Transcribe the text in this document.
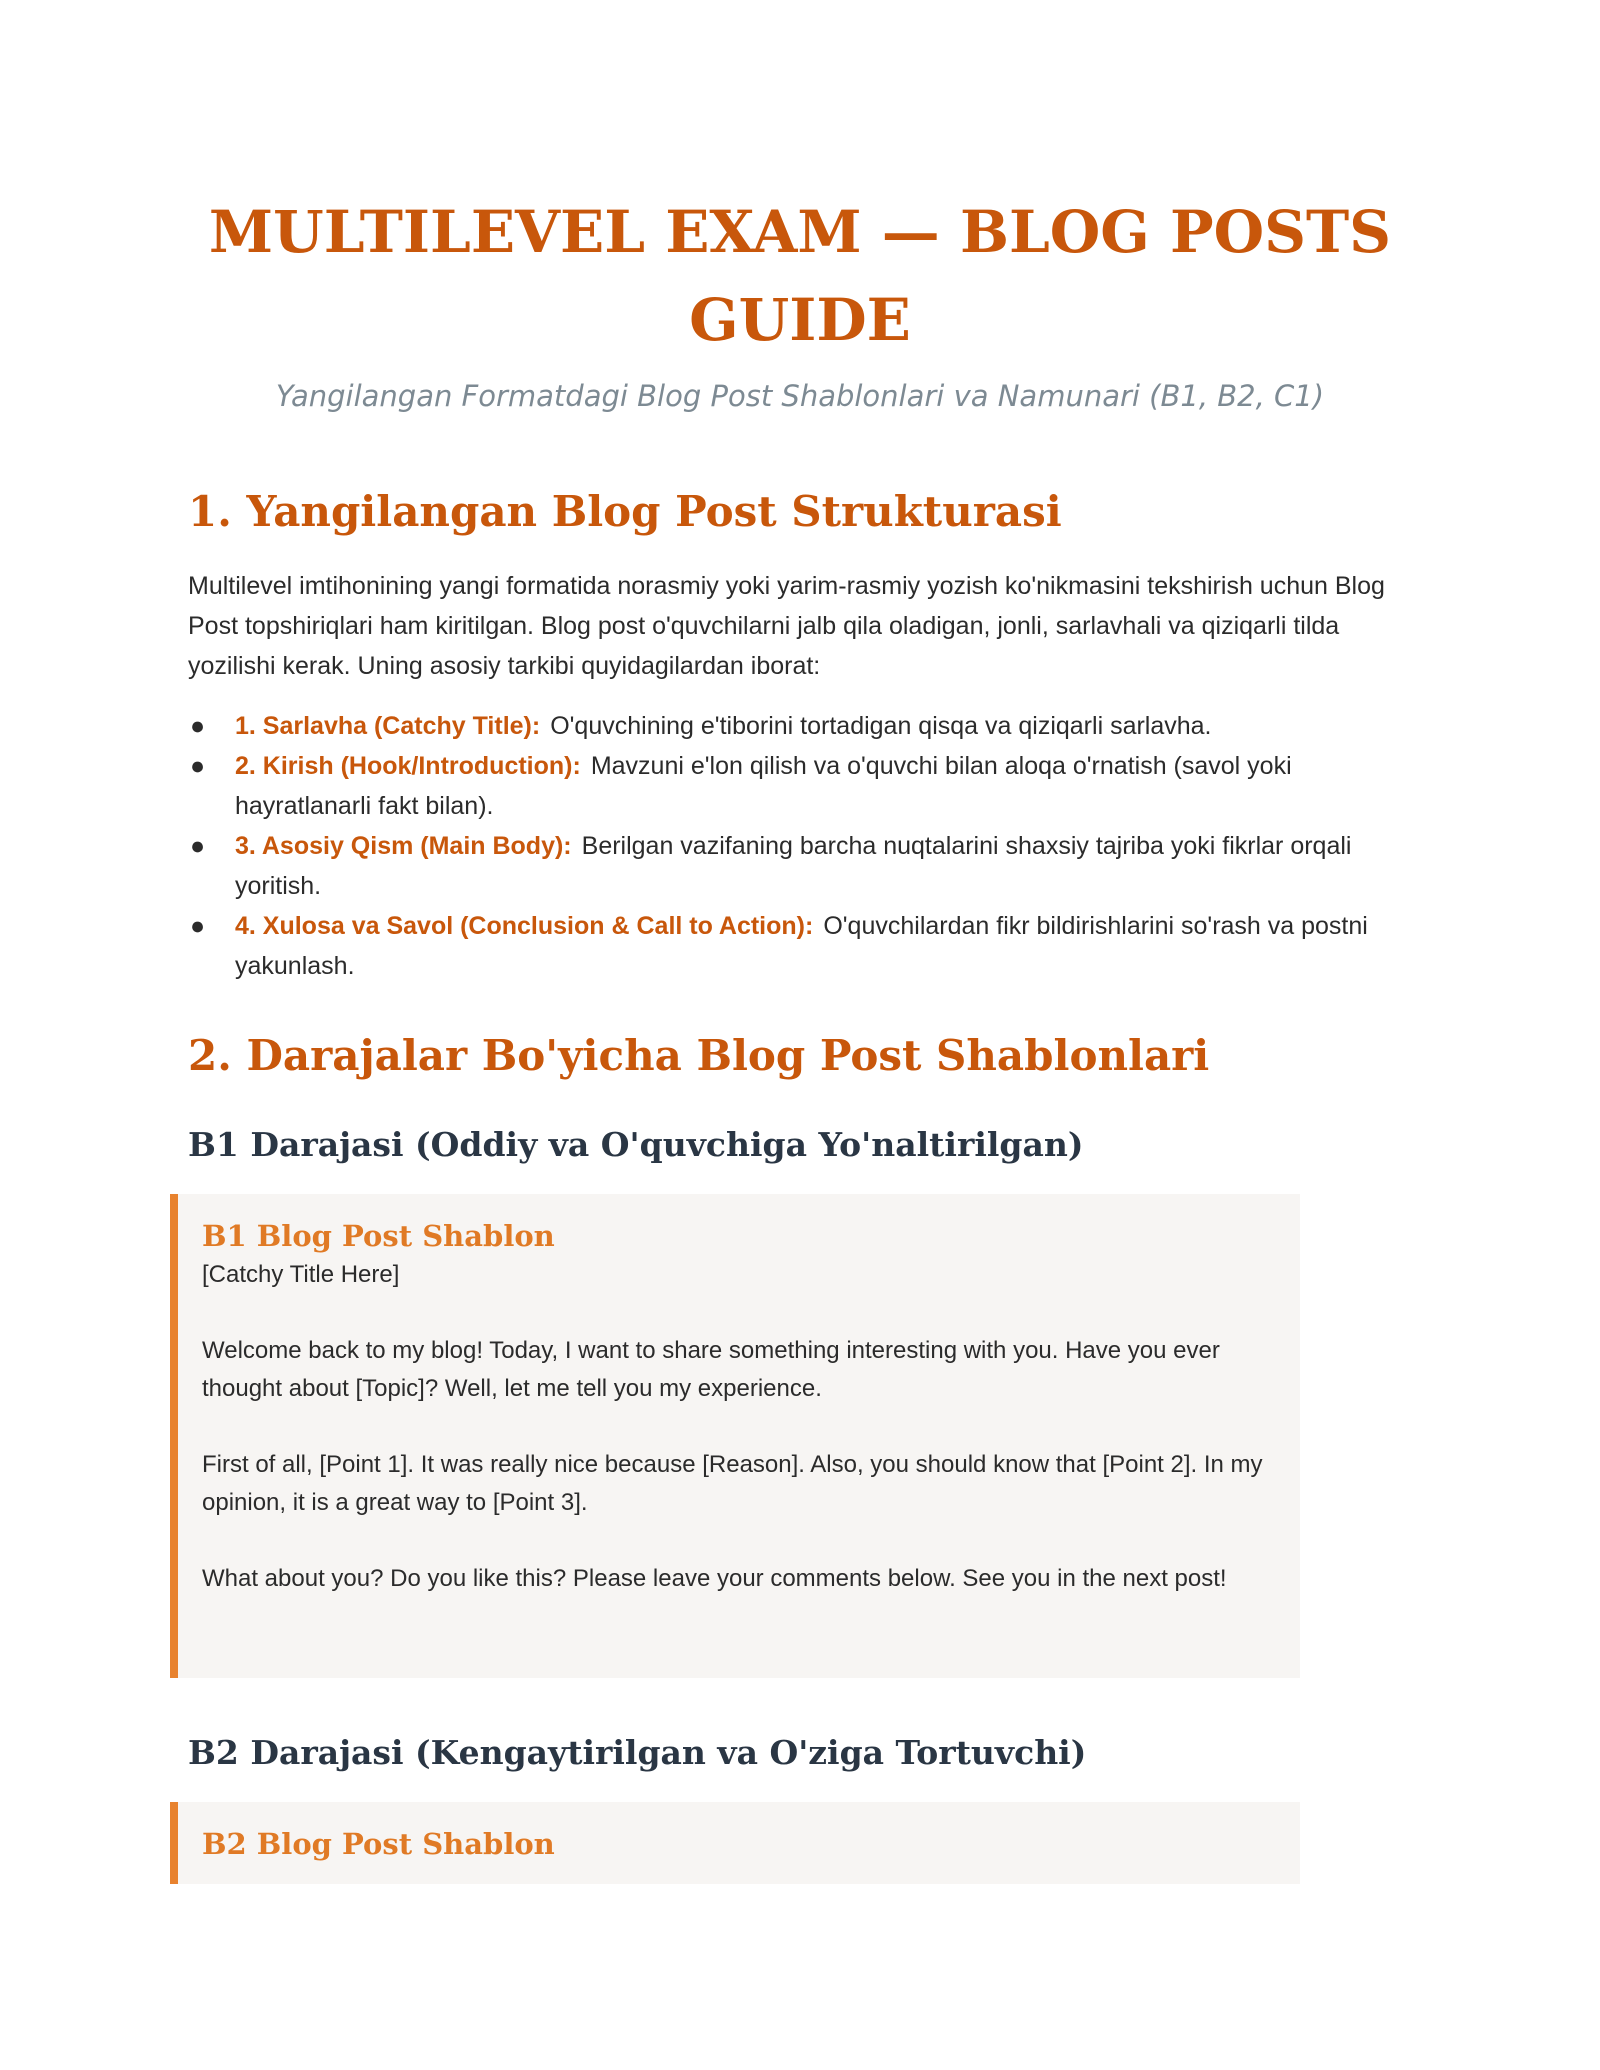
MULTILEVEL EXAM — BLOG POSTS GUIDE
Yangilangan Formatdagi Blog Post Shablonlari va Namunari (B1, B2, C1)
1. Yangilangan Blog Post Strukturasi

Multilevel imtihonining yangi formatida norasmiy yoki yarim-rasmiy yozish ko'nikmasini tekshirish uchun Blog Post topshiriqlari ham kiritilgan. Blog post o'quvchilarni jalb qila oladigan, jonli, sarlavhali va qiziqarli tilda yozilishi kerak. Uning asosiy tarkibi quyidagilardan iborat:

● 1. Sarlavha (Catchy Title): O'quvchining e'tiborini tortadigan qisqa va qiziqarli sarlavha.
● 2. Kirish (Hook/Introduction): Mavzuni e'lon qilish va o'quvchi bilan aloqa o'rnatish (savol yoki hayratlanarli fakt bilan).
● 3. Asosiy Qism (Main Body): Berilgan vazifaning barcha nuqtalarini shaxsiy tajriba yoki fikrlar orqali yoritish.
● 4. Xulosa va Savol (Conclusion & Call to Action): O'quvchilardan fikr bildirishlarini so'rash va postni yakunlash.
2. Darajalar Bo'yicha Blog Post Shablonlari
B1 Darajasi (Oddiy va O'quvchiga Yo'naltirilgan)
B1 Blog Post Shablon

[Catchy Title Here]

Welcome back to my blog! Today, I want to share something interesting with you. Have you ever thought about [Topic]? Well, let me tell you my experience.

First of all, [Point 1]. It was really nice because [Reason]. Also, you should know that [Point 2]. In my opinion, it is a great way to [Point 3].

What about you? Do you like this? Please leave your comments below. See you in the next post!

B2 Darajasi (Kengaytirilgan va O'ziga Tortuvchi)
B2 Blog Post Shablon
